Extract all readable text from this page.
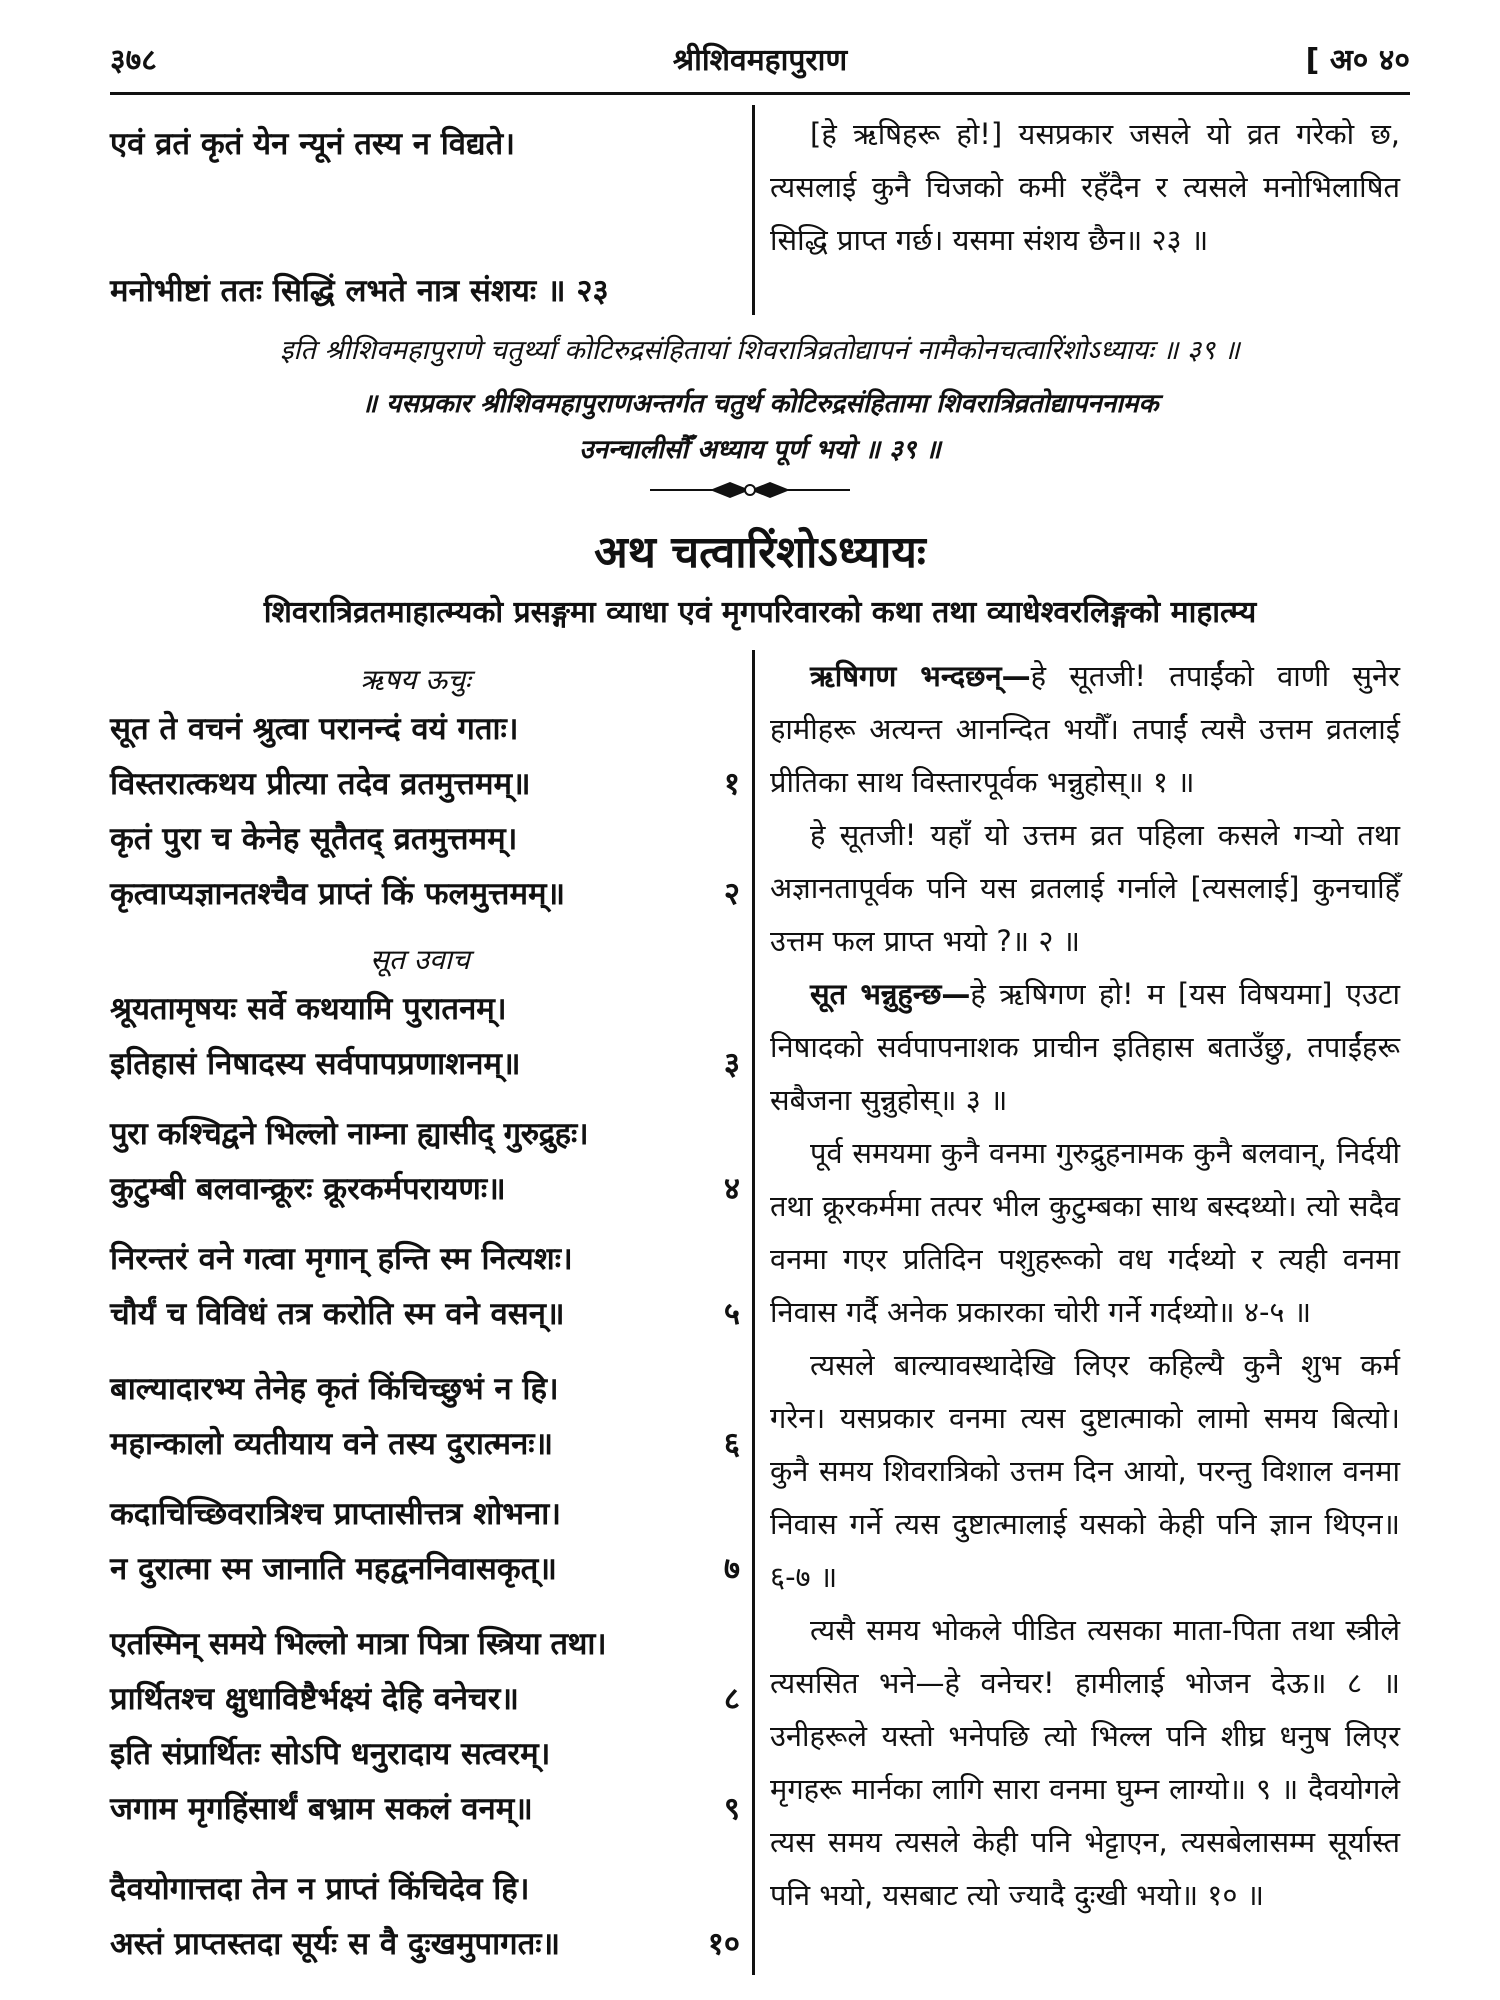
३७८	श्रीशिवमहापुराण	[ अ० ४०
एवं व्रतं कृतं येन न्यूनं तस्य न विद्यते।
मनोभीष्टां ततः सिद्धिं लभते नात्र संशयः ॥ २३

[हे ऋषिहरू हो!] यसप्रकार जसले यो व्रत गरेको छ, त्यसलाई कुनै चिजको कमी रहँदैन र त्यसले मनोभिलाषित सिद्धि प्राप्त गर्छ। यसमा संशय छैन॥ २३ ॥

इति श्रीशिवमहापुराणे चतुर्थ्यां कोटिरुद्रसंहितायां शिवरात्रिव्रतोद्यापनं नामैकोनचत्वारिंशोऽध्यायः ॥ ३९ ॥
॥ यसप्रकार श्रीशिवमहापुराणअन्तर्गत चतुर्थ कोटिरुद्रसंहितामा शिवरात्रिव्रतोद्यापननामक
उनन्चालीसौँ अध्याय पूर्ण भयो ॥ ३९ ॥
अथ चत्वारिंशोऽध्यायः
शिवरात्रिव्रतमाहात्म्यको प्रसङ्गमा व्याधा एवं मृगपरिवारको कथा तथा व्याधेश्वरलिङ्गको माहात्म्य
ऋषय ऊचुः
सूत उवाच
सूत ते वचनं श्रुत्वा परानन्दं वयं गताः।
विस्तरात्कथय प्रीत्या तदेव व्रतमुत्तमम्॥	१
कृतं पुरा च केनेह सूतैतद् व्रतमुत्तमम्।
कृत्वाप्यज्ञानतश्चैव प्राप्तं किं फलमुत्तमम्॥	२
श्रूयतामृषयः सर्वे कथयामि पुरातनम्।
इतिहासं निषादस्य सर्वपापप्रणाशनम्॥	३
पुरा कश्चिद्वने भिल्लो नाम्ना ह्यासीद् गुरुद्रुहः।
कुटुम्बी बलवान्क्रूरः क्रूरकर्मपरायणः॥	४
निरन्तरं वने गत्वा मृगान् हन्ति स्म नित्यशः।
चौर्यं च विविधं तत्र करोति स्म वने वसन्॥	५
बाल्यादारभ्य तेनेह कृतं किंचिच्छुभं न हि।
महान्कालो व्यतीयाय वने तस्य दुरात्मनः॥	६
कदाचिच्छिवरात्रिश्च प्राप्तासीत्तत्र शोभना।
न दुरात्मा स्म जानाति महद्वननिवासकृत्॥	७
एतस्मिन् समये भिल्लो मात्रा पित्रा स्त्रिया तथा।
प्रार्थितश्च क्षुधाविष्टैर्भक्ष्यं देहि वनेचर॥	८
इति संप्रार्थितः सोऽपि धनुरादाय सत्वरम्।
जगाम मृगहिंसार्थं बभ्राम सकलं वनम्॥	९
दैवयोगात्तदा तेन न प्राप्तं किंचिदेव हि।
अस्तं प्राप्तस्तदा सूर्यः स वै दुःखमुपागतः॥	१०

ऋषिगण भन्दछन्—हे सूतजी! तपाईंको वाणी सुनेर हामीहरू अत्यन्त आनन्दित भयौँ। तपाईं त्यसै उत्तम व्रतलाई प्रीतिका साथ विस्तारपूर्वक भन्नुहोस्॥ १ ॥

हे सूतजी! यहाँ यो उत्तम व्रत पहिला कसले गऱ्यो तथा अज्ञानतापूर्वक पनि यस व्रतलाई गर्नाले [त्यसलाई] कुनचाहिँ उत्तम फल प्राप्त भयो ?॥ २ ॥

सूत भन्नुहुन्छ—हे ऋषिगण हो! म [यस विषयमा] एउटा निषादको सर्वपापनाशक प्राचीन इतिहास बताउँछु, तपाईंहरू सबैजना सुन्नुहोस्॥ ३ ॥

पूर्व समयमा कुनै वनमा गुरुद्रुहनामक कुनै बलवान्, निर्दयी तथा क्रूरकर्ममा तत्पर भील कुटुम्बका साथ बस्दथ्यो। त्यो सदैव वनमा गएर प्रतिदिन पशुहरूको वध गर्दथ्यो र त्यही वनमा निवास गर्दै अनेक प्रकारका चोरी गर्ने गर्दथ्यो॥ ४-५ ॥

त्यसले बाल्यावस्थादेखि लिएर कहिल्यै कुनै शुभ कर्म गरेन। यसप्रकार वनमा त्यस दुष्टात्माको लामो समय बित्यो। कुनै समय शिवरात्रिको उत्तम दिन आयो, परन्तु विशाल वनमा निवास गर्ने त्यस दुष्टात्मालाई यसको केही पनि ज्ञान थिएन॥ ६-७ ॥

त्यसै समय भोकले पीडित त्यसका माता-पिता तथा स्त्रीले त्यससित भने—हे वनेचर! हामीलाई भोजन देऊ॥ ८ ॥ उनीहरूले यस्तो भनेपछि त्यो भिल्ल पनि शीघ्र धनुष लिएर मृगहरू मार्नका लागि सारा वनमा घुम्न लाग्यो॥ ९ ॥ दैवयोगले त्यस समय त्यसले केही पनि भेट्टाएन, त्यसबेलासम्म सूर्यास्त पनि भयो, यसबाट त्यो ज्यादै दुःखी भयो॥ १० ॥
